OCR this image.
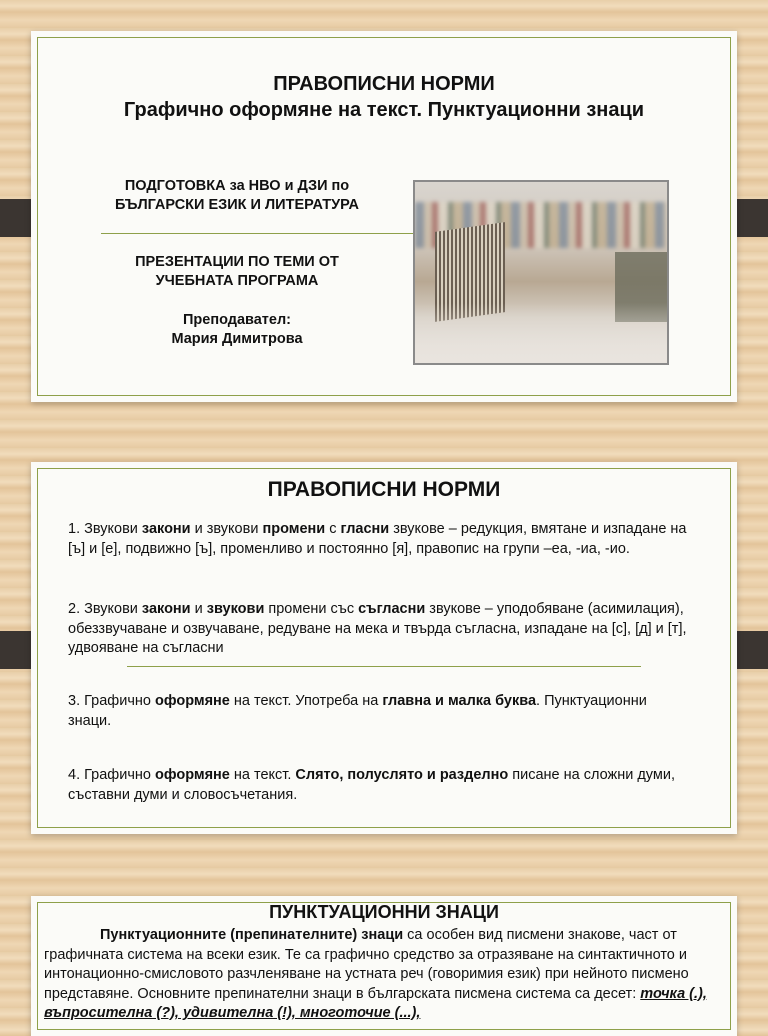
ПРАВОПИСНИ НОРМИ
Графично оформяне на текст. Пунктуационни знаци
ПОДГОТОВКА за НВО и ДЗИ по БЪЛГАРСКИ ЕЗИК И ЛИТЕРАТУРА
ПРЕЗЕНТАЦИИ ПО ТЕМИ ОТ УЧЕБНАТА ПРОГРАМА
Преподавател:
Мария Димитрова
ПРАВОПИСНИ НОРМИ
1. Звукови закони и звукови промени с гласни звукове – редукция, вмятане и изпадане на [ъ] и [е], подвижно [ъ], променливо и постоянно [я], правопис на групи –еа, -иа, -ио.
2. Звукови закони и звукови промени със съгласни звукове – уподобяване (асимилация), обеззвучаване и озвучаване, редуване на мека и твърда съгласна, изпадане на [с], [д] и [т], удвояване на съгласни
3. Графично оформяне на текст. Употреба на главна и малка буква. Пунктуационни знаци.
4. Графично оформяне на текст. Слято, полуслято и разделно писане на сложни думи, съставни думи и словосъчетания.
ПУНКТУАЦИОННИ ЗНАЦИ
Пунктуационните (препинателните) знаци са особен вид писмени знакове, част от графичната система на всеки език. Те са графично средство за отразяване на синтактичното и интонационно-смисловото разчленяване на устната реч (говоримия език) при нейното писмено представяне. Основните препинателни знаци в българската писмена система са десет: точка (.), въпросителна (?), удивителна (!), многоточие (...),
